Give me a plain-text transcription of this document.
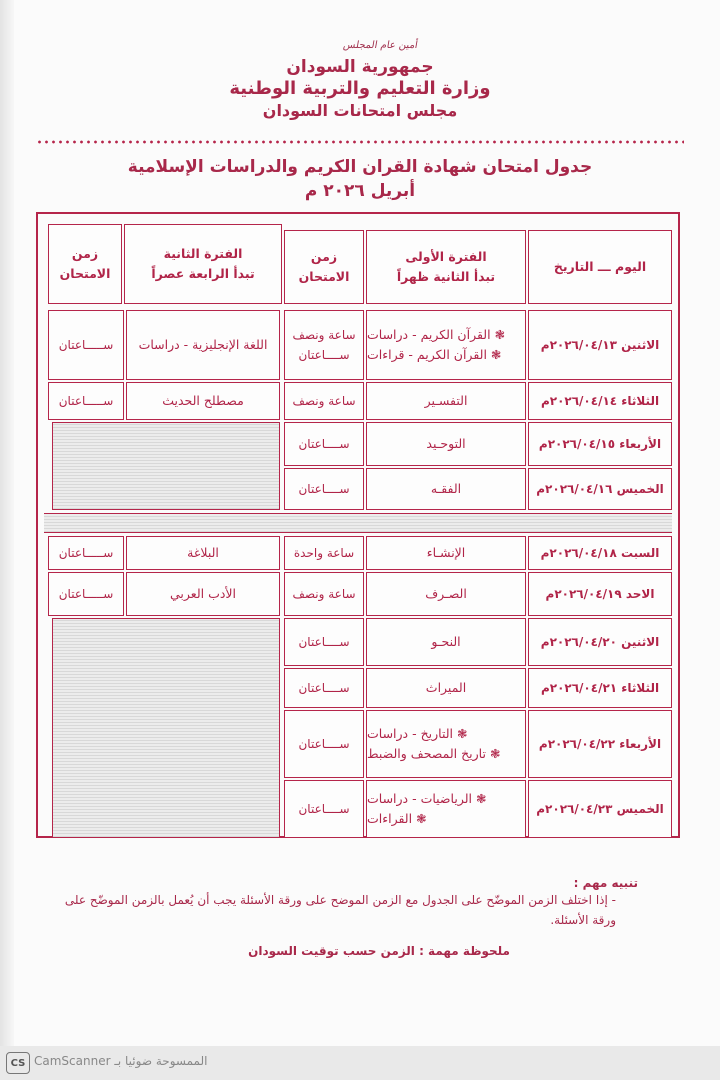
أمين عام المجلس
جمهورية السودان
وزارة التعليم والتربية الوطنية
مجلس امتحانات السودان
جدول امتحان شهادة القران الكريم والدراسات الإسلامية
أبريل ٢٠٢٦ م
اليوم ـــ التاريخ
الفترة الأولى
تبدأ الثانية ظهراً
زمن
الامتحان
الفترة الثانية
تبدأ الرابعة عصراً
زمن
الامتحان
الاثنين ٢٠٢٦/٠٤/١٣م
❃ القرآن الكريم - دراسات
❃ القرآن الكريم - قراءات
ساعة ونصف
ســــاعتان
اللغة الإنجليزية - دراسات
ســـــاعتان
الثلاثاء ٢٠٢٦/٠٤/١٤م
التفسـير
ساعة ونصف
مصطلح الحديث
ســـــاعتان
الأربعاء ٢٠٢٦/٠٤/١٥م
التوحـيد
ســــاعتان
الخميس ٢٠٢٦/٠٤/١٦م
الفقـه
ســــاعتان
السبت ٢٠٢٦/٠٤/١٨م
الإنشـاء
ساعة واحدة
البلاغة
ســـــاعتان
الاحد ٢٠٢٦/٠٤/١٩م
الصـرف
ساعة ونصف
الأدب العربي
ســـــاعتان
الاثنين ٢٠٢٦/٠٤/٢٠م
النحـو
ســــاعتان
الثلاثاء ٢٠٢٦/٠٤/٢١م
الميراث
ســــاعتان
الأربعاء ٢٠٢٦/٠٤/٢٢م
❃ التاريخ - دراسات
❃ تاريخ المصحف والضبط
ســــاعتان
الخميس ٢٠٢٦/٠٤/٢٣م
❃ الرياضيات - دراسات
❃ القراءات
ســــاعتان
تنبيه مهم :
- إذا اختلف الزمن الموضّح على الجدول مع الزمن الموضح على ورقة الأسئلة يجب أن يُعمل بالزمن الموضّح على ورقة الأسئلة.
ملحوظة مهمة : الزمن حسب توقيت السودان
CS الممسوحة ضوئيا بـ CamScanner
